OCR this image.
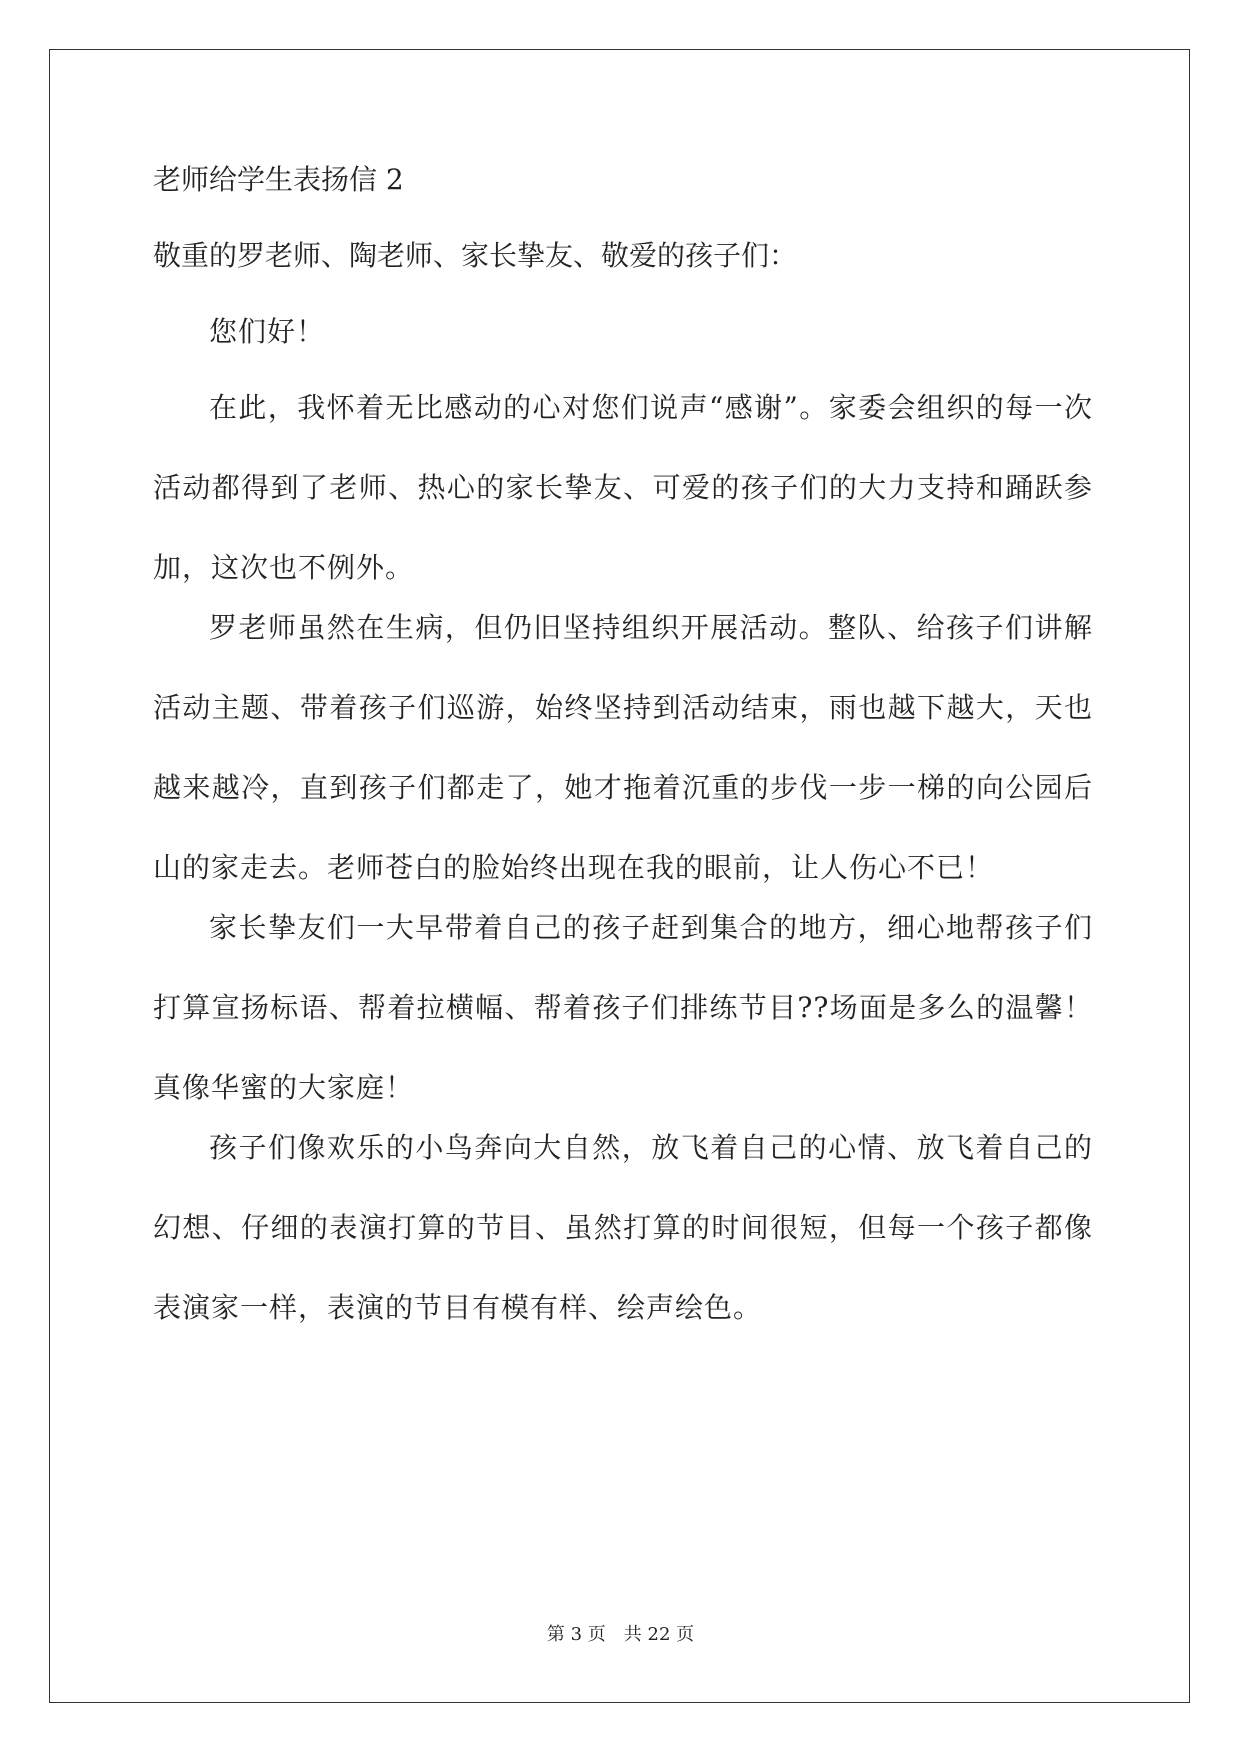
老师给学生表扬信 2
敬重的罗老师、陶老师、家长挚友、敬爱的孩子们：

您们好！

在此，我怀着无比感动的心对您们说声“感谢”。家委会组织的每一次活动都得到了老师、热心的家长挚友、可爱的孩子们的大力支持和踊跃参加，这次也不例外。

罗老师虽然在生病，但仍旧坚持组织开展活动。整队、给孩子们讲解活动主题、带着孩子们巡游，始终坚持到活动结束，雨也越下越大，天也越来越冷，直到孩子们都走了，她才拖着沉重的步伐一步一梯的向公园后山的家走去。老师苍白的脸始终出现在我的眼前，让人伤心不已！

家长挚友们一大早带着自己的孩子赶到集合的地方，细心地帮孩子们打算宣扬标语、帮着拉横幅、帮着孩子们排练节目??场面是多么的温馨！真像华蜜的大家庭！

孩子们像欢乐的小鸟奔向大自然，放飞着自己的心情、放飞着自己的幻想、仔细的表演打算的节目、虽然打算的时间很短，但每一个孩子都像表演家一样，表演的节目有模有样、绘声绘色。

第 3 页　共 22 页
